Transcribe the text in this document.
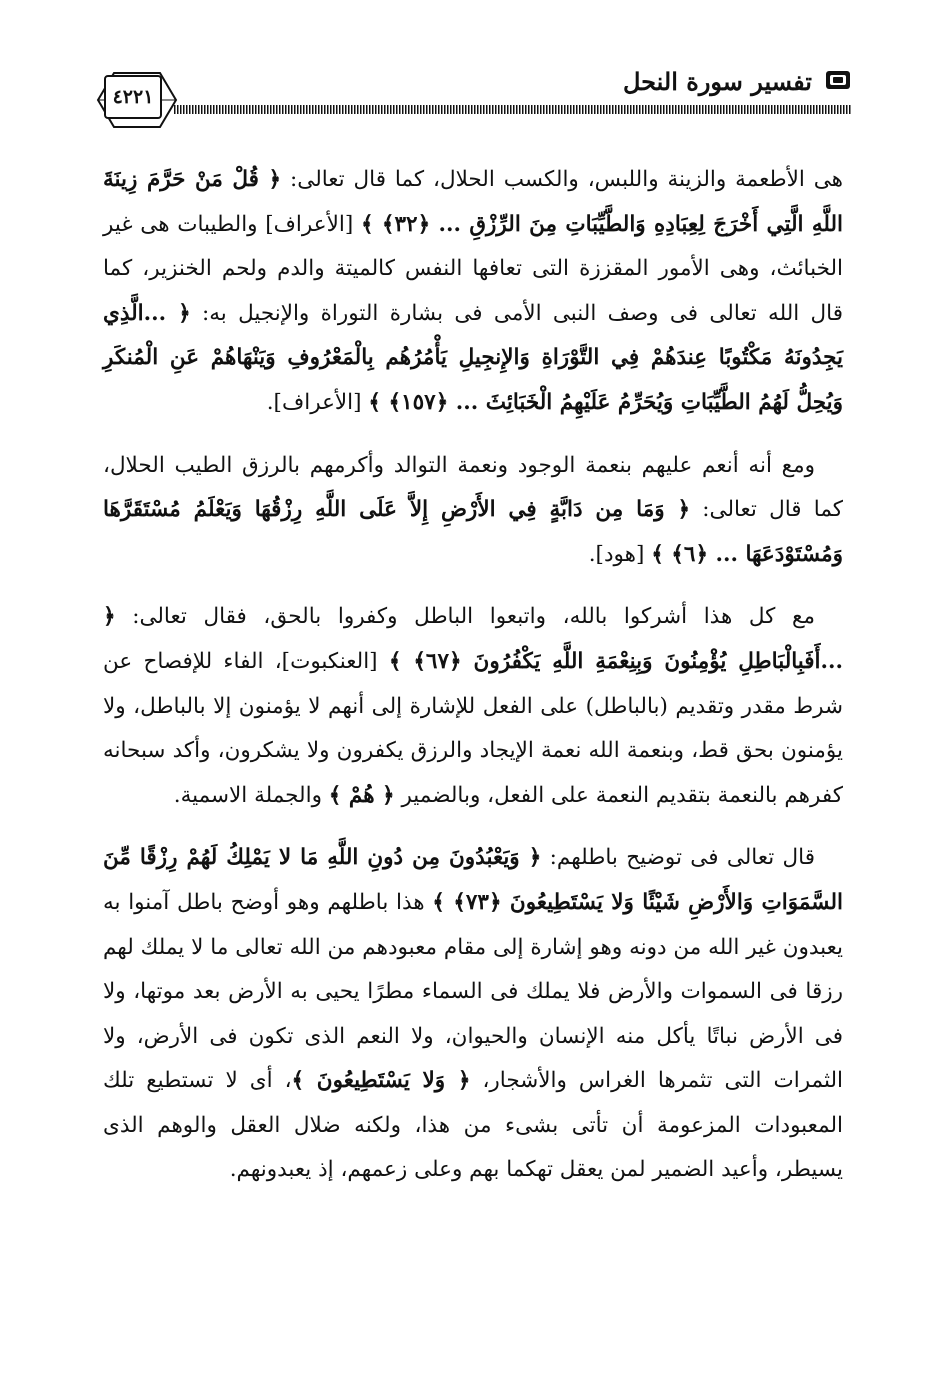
٤٢٢١
تفسير سورة النحل

هى الأطعمة والزينة واللبس، والكسب الحلال، كما قال تعالى: ﴿ قُلْ مَنْ حَرَّمَ زِينَةَ اللَّهِ الَّتِي أَخْرَجَ لِعِبَادِهِ وَالطَّيِّبَاتِ مِنَ الرِّزْقِ ... ﴿٣٢﴾ ﴾ [الأعراف] والطيبات هى غير الخبائث، وهى الأمور المقززة التى تعافها النفس كالميتة والدم ولحم الخنزير، كما قال الله تعالى فى وصف النبى الأمى فى بشارة التوراة والإنجيل به: ﴿ ...الَّذِي يَجِدُونَهُ مَكْتُوبًا عِندَهُمْ فِي التَّوْرَاةِ وَالإِنجِيلِ يَأْمُرُهُم بِالْمَعْرُوفِ وَيَنْهَاهُمْ عَنِ الْمُنكَرِ وَيُحِلُّ لَهُمُ الطَّيِّبَاتِ وَيُحَرِّمُ عَلَيْهِمُ الْخَبَائِثَ ... ﴿١٥٧﴾ ﴾ [الأعراف].

ومع أنه أنعم عليهم بنعمة الوجود ونعمة التوالد وأكرمهم بالرزق الطيب الحلال، كما قال تعالى: ﴿ وَمَا مِن دَابَّةٍ فِي الأَرْضِ إِلاَّ عَلَى اللَّهِ رِزْقُهَا وَيَعْلَمُ مُسْتَقَرَّهَا وَمُسْتَوْدَعَهَا ... ﴿٦﴾ ﴾ [هود].

مع كل هذا أشركوا بالله، واتبعوا الباطل وكفروا بالحق، فقال تعالى: ﴿ ...أَفَبِالْبَاطِلِ يُؤْمِنُونَ وَبِنِعْمَةِ اللَّهِ يَكْفُرُونَ ﴿٦٧﴾ ﴾ [العنكبوت]، الفاء للإفصاح عن شرط مقدر وتقديم (بالباطل) على الفعل للإشارة إلى أنهم لا يؤمنون إلا بالباطل، ولا يؤمنون بحق قط، وبنعمة الله نعمة الإيجاد والرزق يكفرون ولا يشكرون، وأكد سبحانه كفرهم بالنعمة بتقديم النعمة على الفعل، وبالضمير ﴿ هُمْ ﴾ والجملة الاسمية.

قال تعالى فى توضيح باطلهم: ﴿ وَيَعْبُدُونَ مِن دُونِ اللَّهِ مَا لا يَمْلِكُ لَهُمْ رِزْقًا مِّنَ السَّمَوَاتِ وَالأَرْضِ شَيْئًا وَلا يَسْتَطِيعُونَ ﴿٧٣﴾ ﴾ هذا باطلهم وهو أوضح باطل آمنوا به يعبدون غير الله من دونه وهو إشارة إلى مقام معبودهم من الله تعالى ما لا يملك لهم رزقا فى السموات والأرض فلا يملك فى السماء مطرًا يحيى به الأرض بعد موتها، ولا فى الأرض نباتًا يأكل منه الإنسان والحيوان، ولا النعم الذى تكون فى الأرض، ولا الثمرات التى تثمرها الغراس والأشجار، ﴿ وَلا يَسْتَطِيعُونَ ﴾، أى لا تستطيع تلك المعبودات المزعومة أن تأتى بشىء من هذا، ولكنه ضلال العقل والوهم الذى يسيطر، وأعيد الضمير لمن يعقل تهكما بهم وعلى زعمهم، إذ يعبدونهم.
